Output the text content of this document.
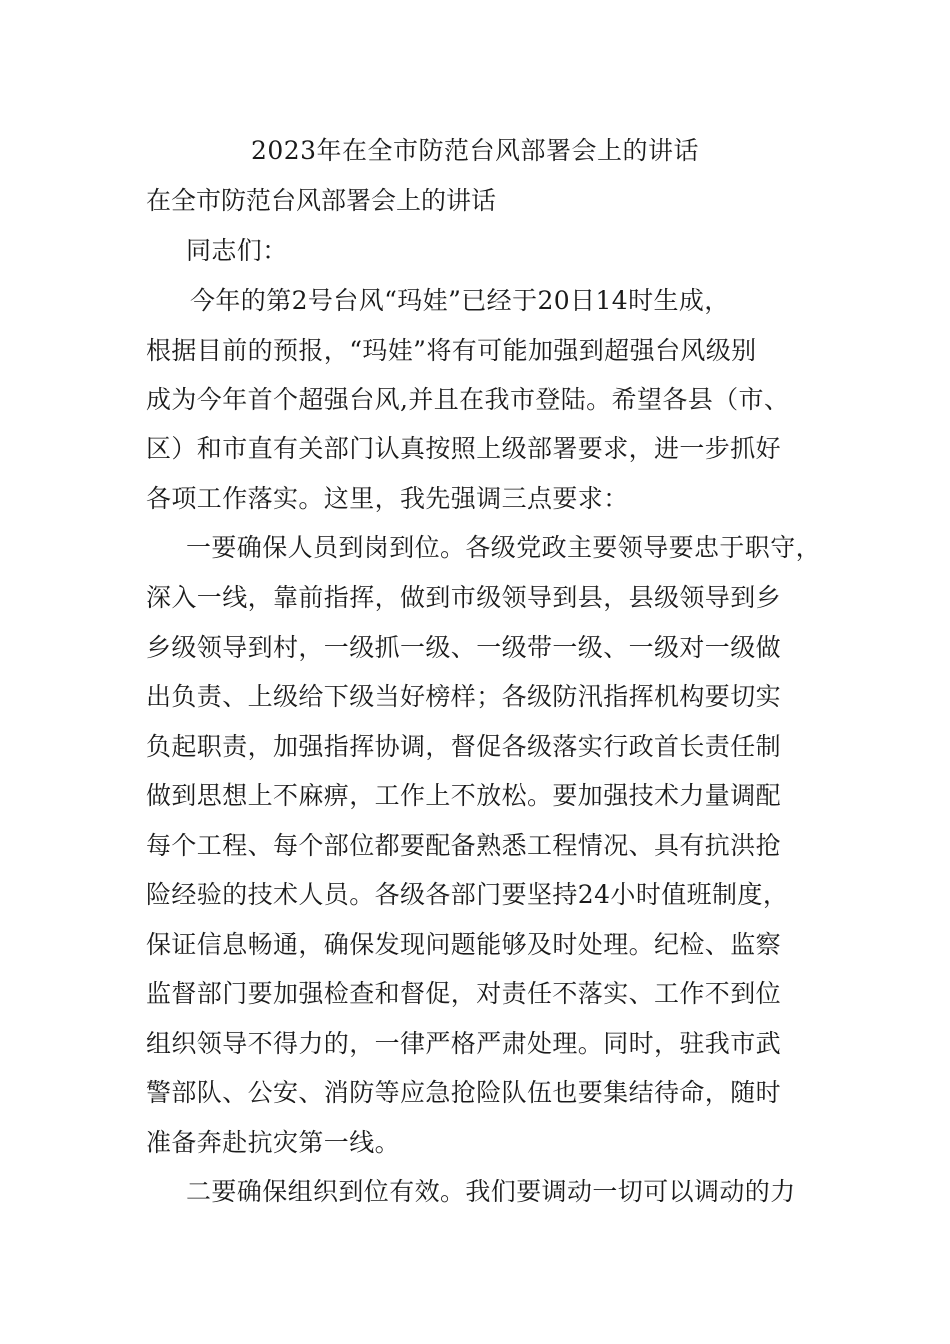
2023年在全市防范台风部署会上的讲话
在全市防范台风部署会上的讲话
同志们：
今年的第2号台风“玛娃”已经于20日14时生成，
根据目前的预报，“玛娃”将有可能加强到超强台风级别
成为今年首个超强台风,并且在我市登陆。希望各县（市、
区）和市直有关部门认真按照上级部署要求，进一步抓好
各项工作落实。这里，我先强调三点要求：
一要确保人员到岗到位。各级党政主要领导要忠于职守，
深入一线，靠前指挥，做到市级领导到县，县级领导到乡
乡级领导到村，一级抓一级、一级带一级、一级对一级做
出负责、上级给下级当好榜样；各级防汛指挥机构要切实
负起职责，加强指挥协调，督促各级落实行政首长责任制
做到思想上不麻痹，工作上不放松。要加强技术力量调配
每个工程、每个部位都要配备熟悉工程情况、具有抗洪抢
险经验的技术人员。各级各部门要坚持24小时值班制度，
保证信息畅通，确保发现问题能够及时处理。纪检、监察
监督部门要加强检查和督促，对责任不落实、工作不到位
组织领导不得力的，一律严格严肃处理。同时，驻我市武
警部队、公安、消防等应急抢险队伍也要集结待命，随时
准备奔赴抗灾第一线。
二要确保组织到位有效。我们要调动一切可以调动的力
